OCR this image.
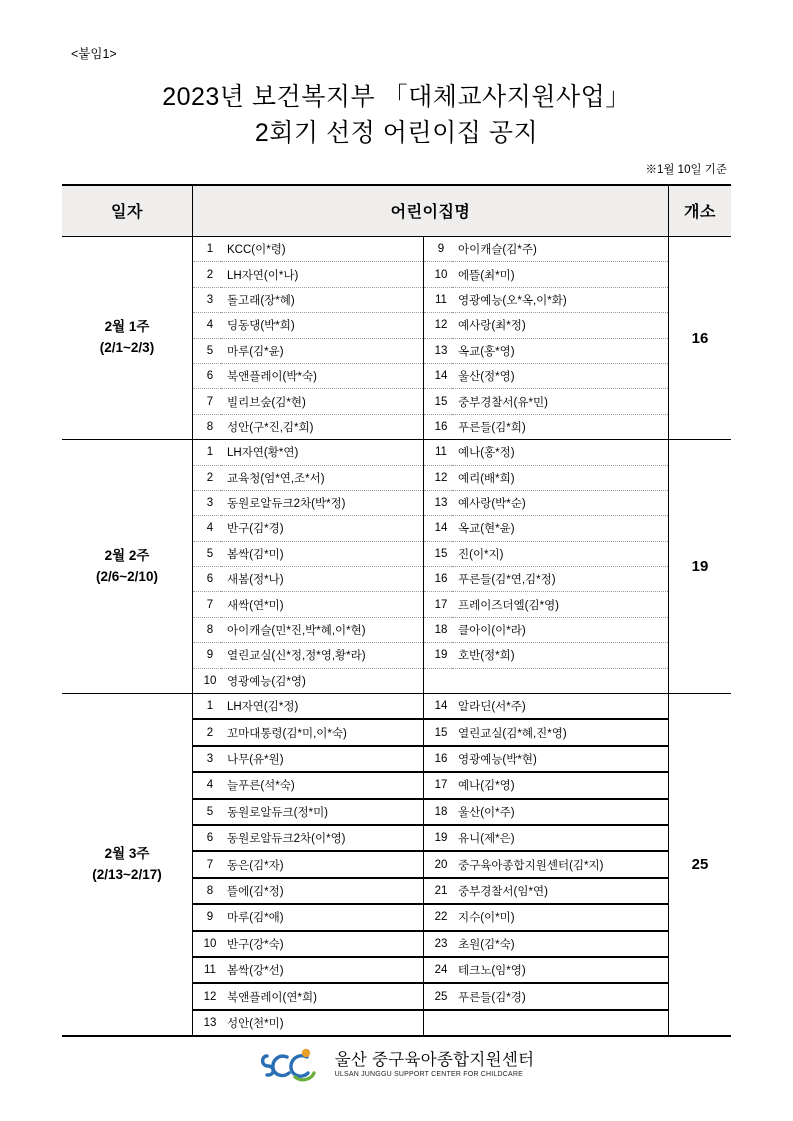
<붙임1>
2023년 보건복지부 「대체교사지원사업」
2회기 선정 어린이집 공지
※1월 10일 기준
일자	어린이집명	개소

2월 1주
(2/1~2/3)

1	KCC(이*령)	9	아이캐슬(김*주)
2	LH자연(이*나)	10	에뜰(최*미)
3	돌고래(장*혜)	11	영광예능(오*옥,이*화)
4	딩동댕(박*희)	12	예사랑(최*정)
5	마루(김*윤)	13	옥교(홍*영)
6	북앤플레이(박*숙)	14	울산(정*영)
7	빌리브숲(김*현)	15	중부경찰서(유*민)
8	성안(구*진,김*희)	16	푸른들(김*희)
	16

2월 2주
(2/6~2/10)

1	LH자연(황*연)	11	예나(홍*정)
2	교육청(엄*연,조*서)	12	예리(배*희)
3	동원로알듀크2차(박*정)	13	예사랑(박*순)
4	반구(김*경)	14	옥교(현*윤)
5	봄싹(김*미)	15	진(이*지)
6	새봄(정*나)	16	푸른들(김*연,김*정)
7	새싹(연*미)	17	프레이즈더엘(김*영)
8	아이캐슬(민*진,박*혜,이*현)	18	클아이(이*라)
9	열린교실(신*정,정*영,황*라)	19	호반(정*희)
10	영광예능(김*영)		
	19

2월 3주
(2/13~2/17)

1	LH자연(김*정)	14	알라딘(서*주)
2	꼬마대통령(김*미,이*숙)	15	열린교실(김*혜,진*영)
3	나무(유*원)	16	영광예능(박*현)
4	늘푸른(석*숙)	17	예나(김*영)
5	동원로알듀크(정*미)	18	울산(이*주)
6	동원로알듀크2차(이*영)	19	유니(제*은)
7	동은(김*자)	20	중구육아종합지원센터(김*지)
8	뜰에(김*정)	21	중부경찰서(임*연)
9	마루(김*애)	22	지수(이*미)
10	반구(강*숙)	23	초원(김*숙)
11	봄싹(강*선)	24	테크노(임*영)
12	북앤플레이(연*희)	25	푸른들(김*경)
13	성안(천*미)		
	25
울산 중구육아종합지원센터
ULSAN JUNGGU SUPPORT CENTER FOR CHILDCARE
